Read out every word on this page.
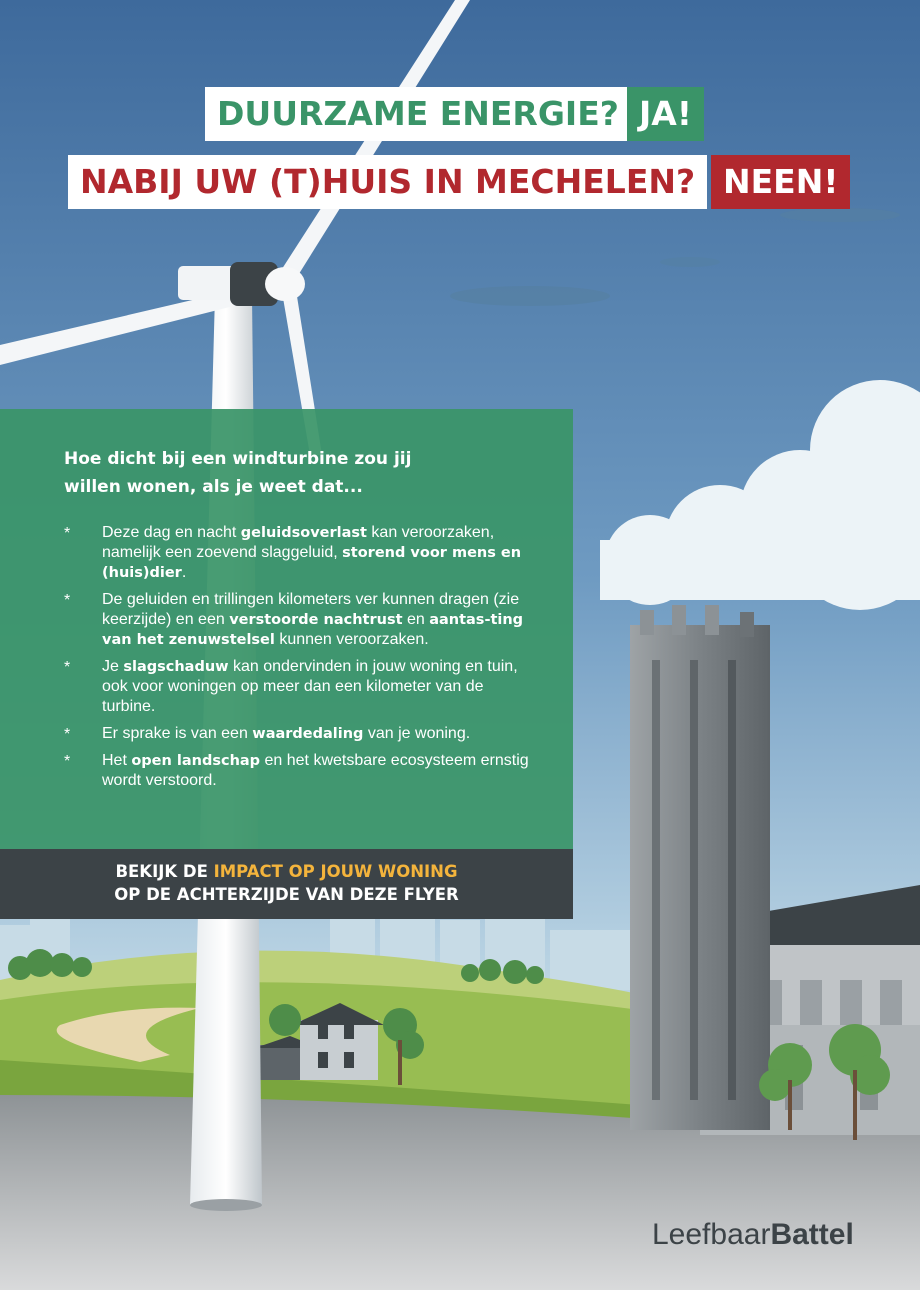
DUURZAME ENERGIE? JA!
NABIJ UW (T)HUIS IN MECHELEN? NEEN!

Hoe dicht bij een windturbine zou jij willen wonen, als je weet dat...

* Deze dag en nacht geluidsoverlast kan veroorzaken, namelijk een zoevend slaggeluid, storend voor mens en (huis)dier.
* De geluiden en trillingen kilometers ver kunnen dragen (zie keerzijde) en een verstoorde nachtrust en aantas-ting van het zenuwstelsel kunnen veroorzaken.
* Je slagschaduw kan ondervinden in jouw woning en tuin, ook voor woningen op meer dan een kilometer van de turbine.
* Er sprake is van een waardedaling van je woning.
* Het open landschap en het kwetsbare ecosysteem ernstig wordt verstoord.
BEKIJK DE IMPACT OP JOUW WONING
OP DE ACHTERZIJDE VAN DEZE FLYER
LeefbaarBattel
